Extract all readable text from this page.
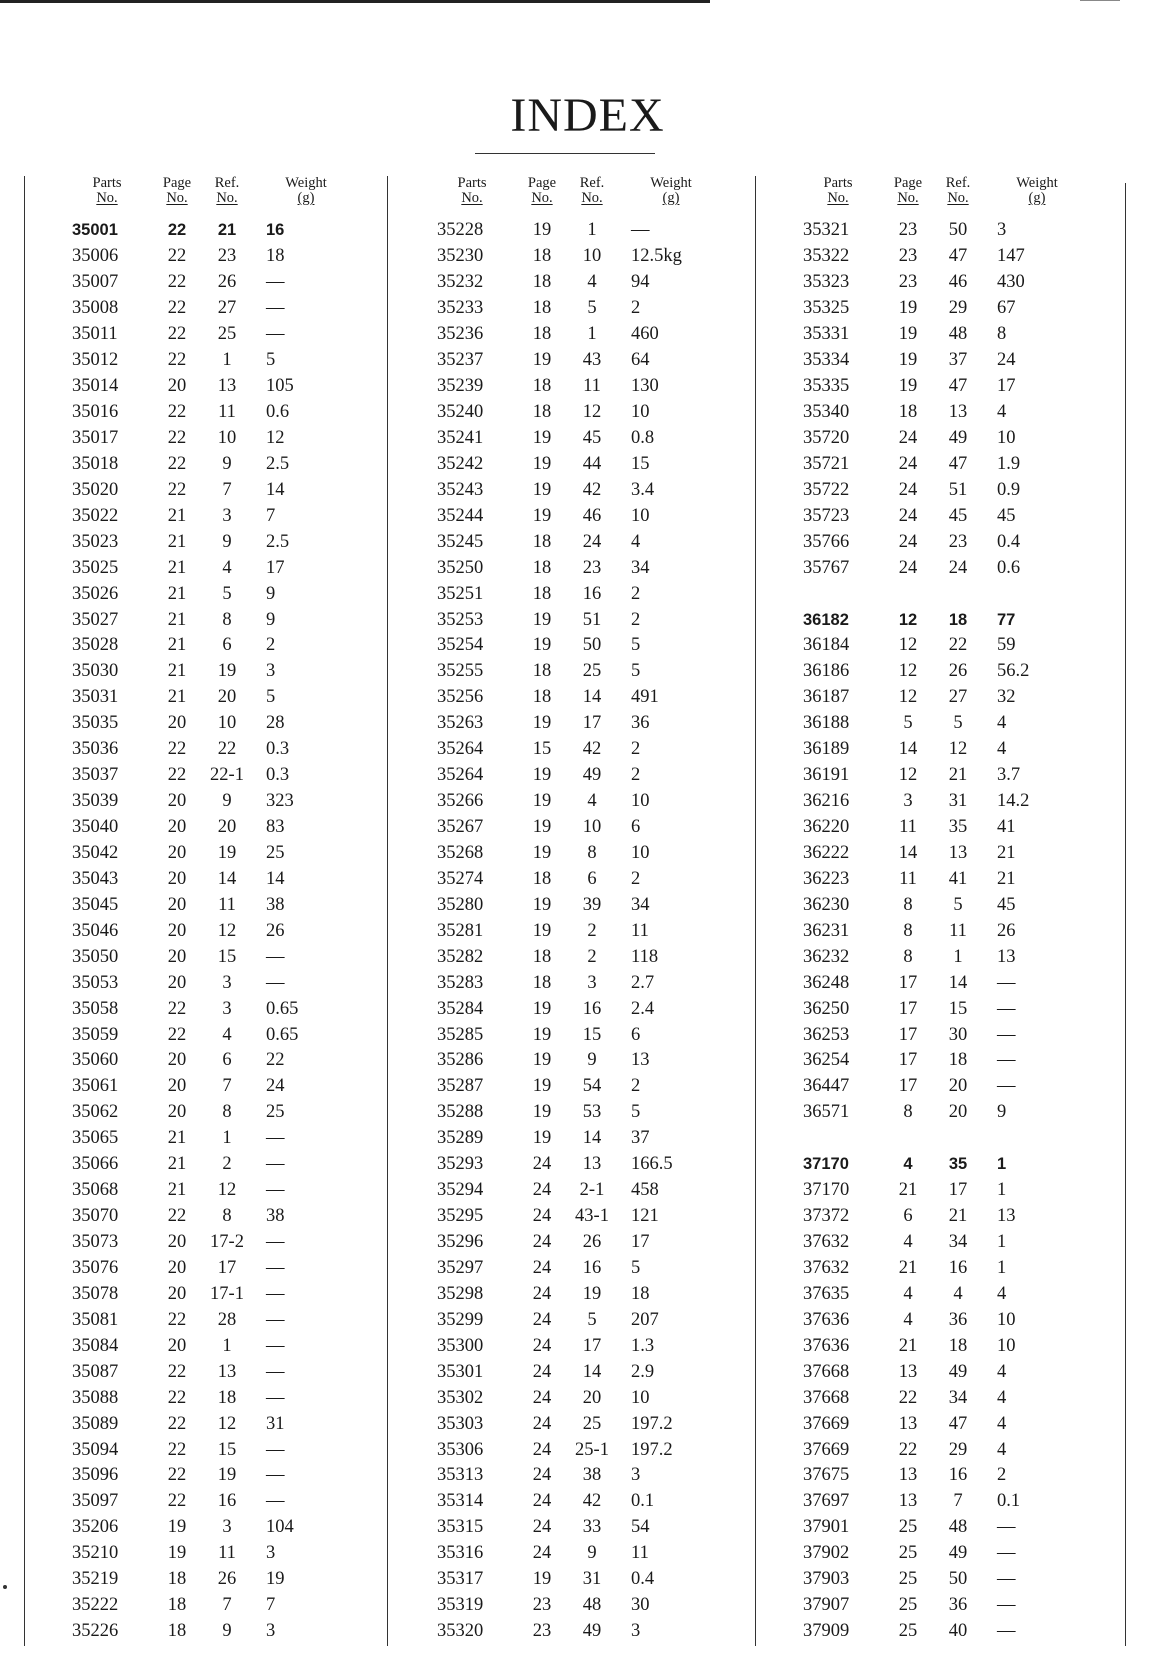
INDEX
Parts
No.
Page
No.
Ref.
No.
Weight
(g)
35001	22	21	16
35006	22	23	18
35007	22	26	—
35008	22	27	—
35011	22	25	—
35012	22	1	5
35014	20	13	105
35016	22	11	0.6
35017	22	10	12
35018	22	9	2.5
35020	22	7	14
35022	21	3	7
35023	21	9	2.5
35025	21	4	17
35026	21	5	9
35027	21	8	9
35028	21	6	2
35030	21	19	3
35031	21	20	5
35035	20	10	28
35036	22	22	0.3
35037	22	22-1	0.3
35039	20	9	323
35040	20	20	83
35042	20	19	25
35043	20	14	14
35045	20	11	38
35046	20	12	26
35050	20	15	—
35053	20	3	—
35058	22	3	0.65
35059	22	4	0.65
35060	20	6	22
35061	20	7	24
35062	20	8	25
35065	21	1	—
35066	21	2	—
35068	21	12	—
35070	22	8	38
35073	20	17-2	—
35076	20	17	—
35078	20	17-1	—
35081	22	28	—
35084	20	1	—
35087	22	13	—
35088	22	18	—
35089	22	12	31
35094	22	15	—
35096	22	19	—
35097	22	16	—
35206	19	3	104
35210	19	11	3
35219	18	26	19
35222	18	7	7
35226	18	9	3
Parts
No.
Page
No.
Ref.
No.
Weight
(g)
35228	19	1	—
35230	18	10	12.5kg
35232	18	4	94
35233	18	5	2
35236	18	1	460
35237	19	43	64
35239	18	11	130
35240	18	12	10
35241	19	45	0.8
35242	19	44	15
35243	19	42	3.4
35244	19	46	10
35245	18	24	4
35250	18	23	34
35251	18	16	2
35253	19	51	2
35254	19	50	5
35255	18	25	5
35256	18	14	491
35263	19	17	36
35264	15	42	2
35264	19	49	2
35266	19	4	10
35267	19	10	6
35268	19	8	10
35274	18	6	2
35280	19	39	34
35281	19	2	11
35282	18	2	118
35283	18	3	2.7
35284	19	16	2.4
35285	19	15	6
35286	19	9	13
35287	19	54	2
35288	19	53	5
35289	19	14	37
35293	24	13	166.5
35294	24	2-1	458
35295	24	43-1	121
35296	24	26	17
35297	24	16	5
35298	24	19	18
35299	24	5	207
35300	24	17	1.3
35301	24	14	2.9
35302	24	20	10
35303	24	25	197.2
35306	24	25-1	197.2
35313	24	38	3
35314	24	42	0.1
35315	24	33	54
35316	24	9	11
35317	19	31	0.4
35319	23	48	30
35320	23	49	3
Parts
No.
Page
No.
Ref.
No.
Weight
(g)
35321	23	50	3
35322	23	47	147
35323	23	46	430
35325	19	29	67
35331	19	48	8
35334	19	37	24
35335	19	47	17
35340	18	13	4
35720	24	49	10
35721	24	47	1.9
35722	24	51	0.9
35723	24	45	45
35766	24	23	0.4
35767	24	24	0.6
36182	12	18	77
36184	12	22	59
36186	12	26	56.2
36187	12	27	32
36188	5	5	4
36189	14	12	4
36191	12	21	3.7
36216	3	31	14.2
36220	11	35	41
36222	14	13	21
36223	11	41	21
36230	8	5	45
36231	8	11	26
36232	8	1	13
36248	17	14	—
36250	17	15	—
36253	17	30	—
36254	17	18	—
36447	17	20	—
36571	8	20	9
37170	4	35	1
37170	21	17	1
37372	6	21	13
37632	4	34	1
37632	21	16	1
37635	4	4	4
37636	4	36	10
37636	21	18	10
37668	13	49	4
37668	22	34	4
37669	13	47	4
37669	22	29	4
37675	13	16	2
37697	13	7	0.1
37901	25	48	—
37902	25	49	—
37903	25	50	—
37907	25	36	—
37909	25	40	—
